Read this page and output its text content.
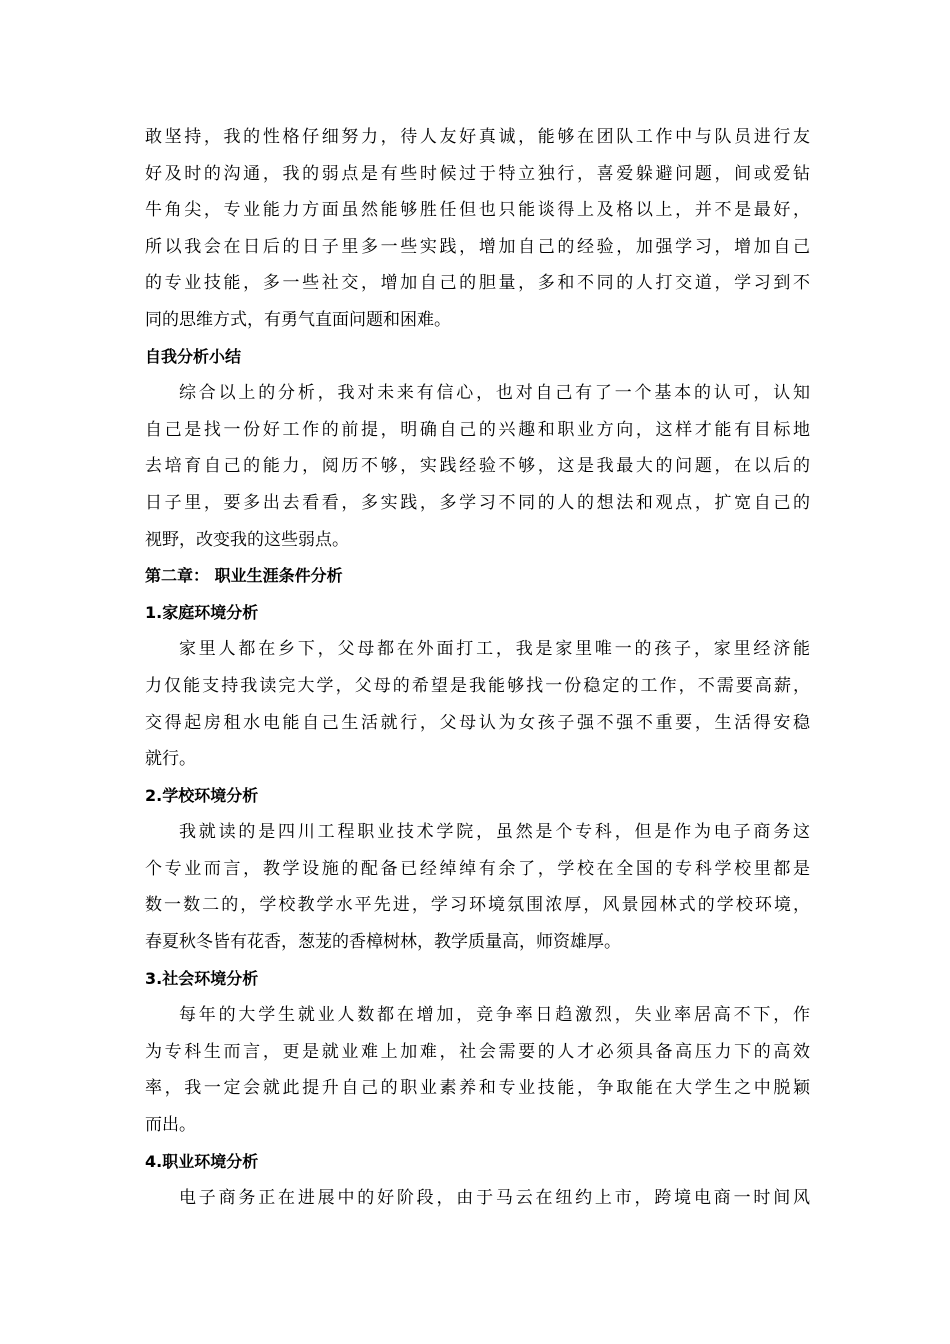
敢坚持，我的性格仔细努力，待人友好真诚，能够在团队工作中与队员进行友
好及时的沟通，我的弱点是有些时候过于特立独行，喜爱躲避问题，间或爱钻
牛角尖，专业能力方面虽然能够胜任但也只能谈得上及格以上，并不是最好，
所以我会在日后的日子里多一些实践，增加自己的经验，加强学习，增加自己
的专业技能，多一些社交，增加自己的胆量，多和不同的人打交道，学习到不
同的思维方式，有勇气直面问题和困难。
自我分析小结
综合以上的分析，我对未来有信心，也对自己有了一个基本的认可，认知
自己是找一份好工作的前提，明确自己的兴趣和职业方向，这样才能有目标地
去培育自己的能力，阅历不够，实践经验不够，这是我最大的问题，在以后的
日子里，要多出去看看，多实践，多学习不同的人的想法和观点，扩宽自己的
视野，改变我的这些弱点。
第二章： 职业生涯条件分析
1.家庭环境分析
家里人都在乡下，父母都在外面打工，我是家里唯一的孩子，家里经济能
力仅能支持我读完大学，父母的希望是我能够找一份稳定的工作，不需要高薪，
交得起房租水电能自己生活就行，父母认为女孩子强不强不重要，生活得安稳
就行。
2.学校环境分析
我就读的是四川工程职业技术学院，虽然是个专科，但是作为电子商务这
个专业而言，教学设施的配备已经绰绰有余了，学校在全国的专科学校里都是
数一数二的，学校教学水平先进，学习环境氛围浓厚，风景园林式的学校环境，
春夏秋冬皆有花香，葱茏的香樟树林，教学质量高，师资雄厚。
3.社会环境分析
每年的大学生就业人数都在增加，竞争率日趋激烈，失业率居高不下，作
为专科生而言，更是就业难上加难，社会需要的人才必须具备高压力下的高效
率，我一定会就此提升自己的职业素养和专业技能，争取能在大学生之中脱颖
而出。
4.职业环境分析
电子商务正在进展中的好阶段，由于马云在纽约上市，跨境电商一时间风
